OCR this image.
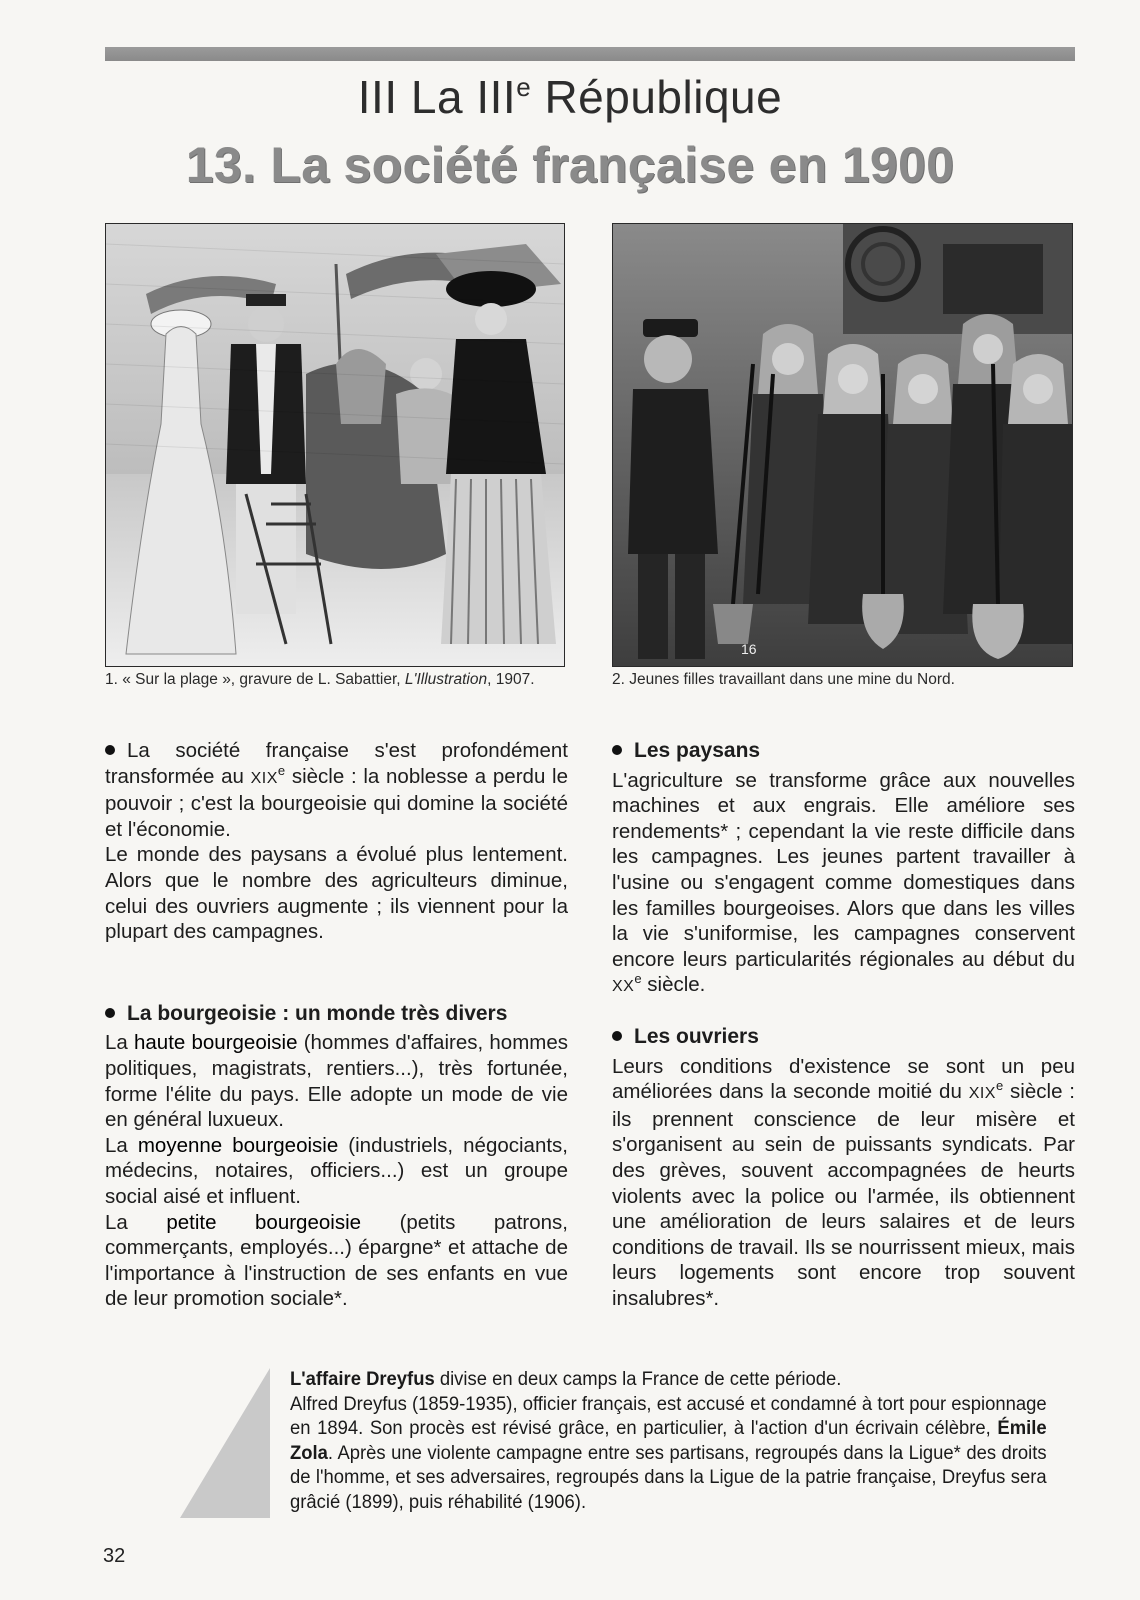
III La IIIe République
13. La société française en 1900
16
1. « Sur la plage », gravure de L. Sabattier, L'Illustration, 1907.	2. Jeunes filles travaillant dans une mine du Nord.

La société française s'est profondément transformée au XIXe siècle : la noblesse a perdu le pouvoir ; c'est la bourgeoisie qui domine la société et l'économie.

Le monde des paysans a évolué plus lentement. Alors que le nombre des agriculteurs diminue, celui des ouvriers augmente ; ils viennent pour la plupart des campagnes.

La bourgeoisie : un monde très divers

La haute bourgeoisie (hommes d'affaires, hommes politiques, magistrats, rentiers...), très fortunée, forme l'élite du pays. Elle adopte un mode de vie en général luxueux.

La moyenne bourgeoisie (industriels, négociants, médecins, notaires, officiers...) est un groupe social aisé et influent.

La petite bourgeoisie (petits patrons, commerçants, employés...) épargne* et attache de l'importance à l'instruction de ses enfants en vue de leur promotion sociale*.

Les paysans

L'agriculture se transforme grâce aux nouvelles machines et aux engrais. Elle améliore ses rendements* ; cependant la vie reste difficile dans les campagnes. Les jeunes partent travailler à l'usine ou s'engagent comme domestiques dans les familles bourgeoises. Alors que dans les villes la vie s'uniformise, les campagnes conservent encore leurs particularités régionales au début du XXe siècle.

Les ouvriers

Leurs conditions d'existence se sont un peu améliorées dans la seconde moitié du XIXe siècle : ils prennent conscience de leur misère et s'organisent au sein de puissants syndicats. Par des grèves, souvent accompagnées de heurts violents avec la police ou l'armée, ils obtiennent une amélioration de leurs salaires et de leurs conditions de travail. Ils se nourrissent mieux, mais leurs logements sont encore trop souvent insalubres*.

L'affaire Dreyfus divise en deux camps la France de cette période.

Alfred Dreyfus (1859-1935), officier français, est accusé et condamné à tort pour espionnage en 1894. Son procès est révisé grâce, en particulier, à l'action d'un écrivain célèbre, Émile Zola. Après une violente campagne entre ses partisans, regroupés dans la Ligue* des droits de l'homme, et ses adversaires, regroupés dans la Ligue de la patrie française, Dreyfus sera grâcié (1899), puis réhabilité (1906).

32
